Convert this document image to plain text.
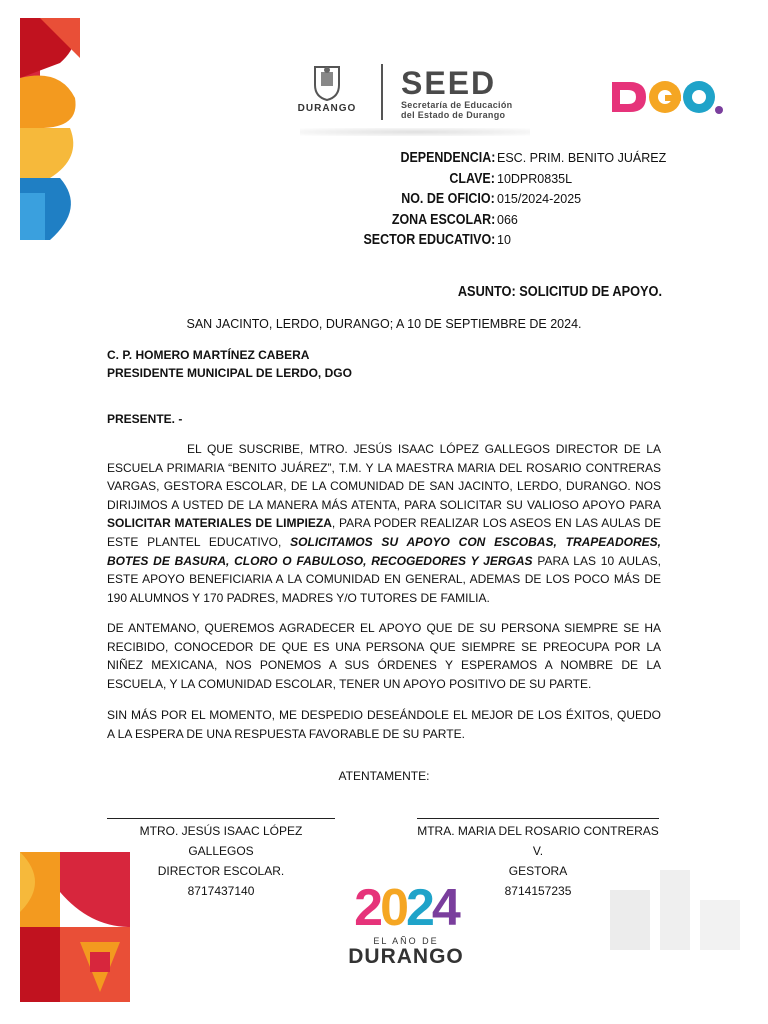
DURANGO
SEED
Secretaría de Educación
del Estado de Durango
DEPENDENCIA: ESC. PRIM. BENITO JUÁREZ
CLAVE: 10DPR0835L
NO. DE OFICIO: 015/2024-2025
ZONA ESCOLAR: 066
SECTOR EDUCATIVO: 10
ASUNTO: SOLICITUD DE APOYO.
SAN JACINTO, LERDO, DURANGO; A 10 DE SEPTIEMBRE DE 2024.
C. P. HOMERO MARTÍNEZ CABERA
PRESIDENTE MUNICIPAL DE LERDO, DGO
PRESENTE. -
EL QUE SUSCRIBE, MTRO. JESÚS ISAAC LÓPEZ GALLEGOS DIRECTOR DE LA ESCUELA PRIMARIA “BENITO JUÁREZ”, T.M. Y LA MAESTRA MARIA DEL ROSARIO CONTRERAS VARGAS, GESTORA ESCOLAR, DE LA COMUNIDAD DE SAN JACINTO, LERDO, DURANGO. NOS DIRIJIMOS A USTED DE LA MANERA MÁS ATENTA, PARA SOLICITAR SU VALIOSO APOYO PARA SOLICITAR MATERIALES DE LIMPIEZA, PARA PODER REALIZAR LOS ASEOS EN LAS AULAS DE ESTE PLANTEL EDUCATIVO, SOLICITAMOS SU APOYO CON ESCOBAS, TRAPEADORES, BOTES DE BASURA, CLORO O FABULOSO, RECOGEDORES Y JERGAS PARA LAS 10 AULAS, ESTE APOYO BENEFICIARIA A LA COMUNIDAD EN GENERAL, ADEMAS DE LOS POCO MÁS DE 190 ALUMNOS Y 170 PADRES, MADRES Y/O TUTORES DE FAMILIA.
DE ANTEMANO, QUEREMOS AGRADECER EL APOYO QUE DE SU PERSONA SIEMPRE SE HA RECIBIDO, CONOCEDOR DE QUE ES UNA PERSONA QUE SIEMPRE SE PREOCUPA POR LA NIÑEZ MEXICANA, NOS PONEMOS A SUS ÓRDENES Y ESPERAMOS A NOMBRE DE LA ESCUELA, Y LA COMUNIDAD ESCOLAR, TENER UN APOYO POSITIVO DE SU PARTE.
SIN MÁS POR EL MOMENTO, ME DESPEDIO DESEÁNDOLE EL MEJOR DE LOS ÉXITOS, QUEDO A LA ESPERA DE UNA RESPUESTA FAVORABLE DE SU PARTE.
ATENTAMENTE:
MTRO. JESÚS ISAAC LÓPEZ GALLEGOS
DIRECTOR ESCOLAR.
8717437140
MTRA. MARIA DEL ROSARIO CONTRERAS V.
GESTORA
8714157235
2024
EL AÑO DE
DURANGO
